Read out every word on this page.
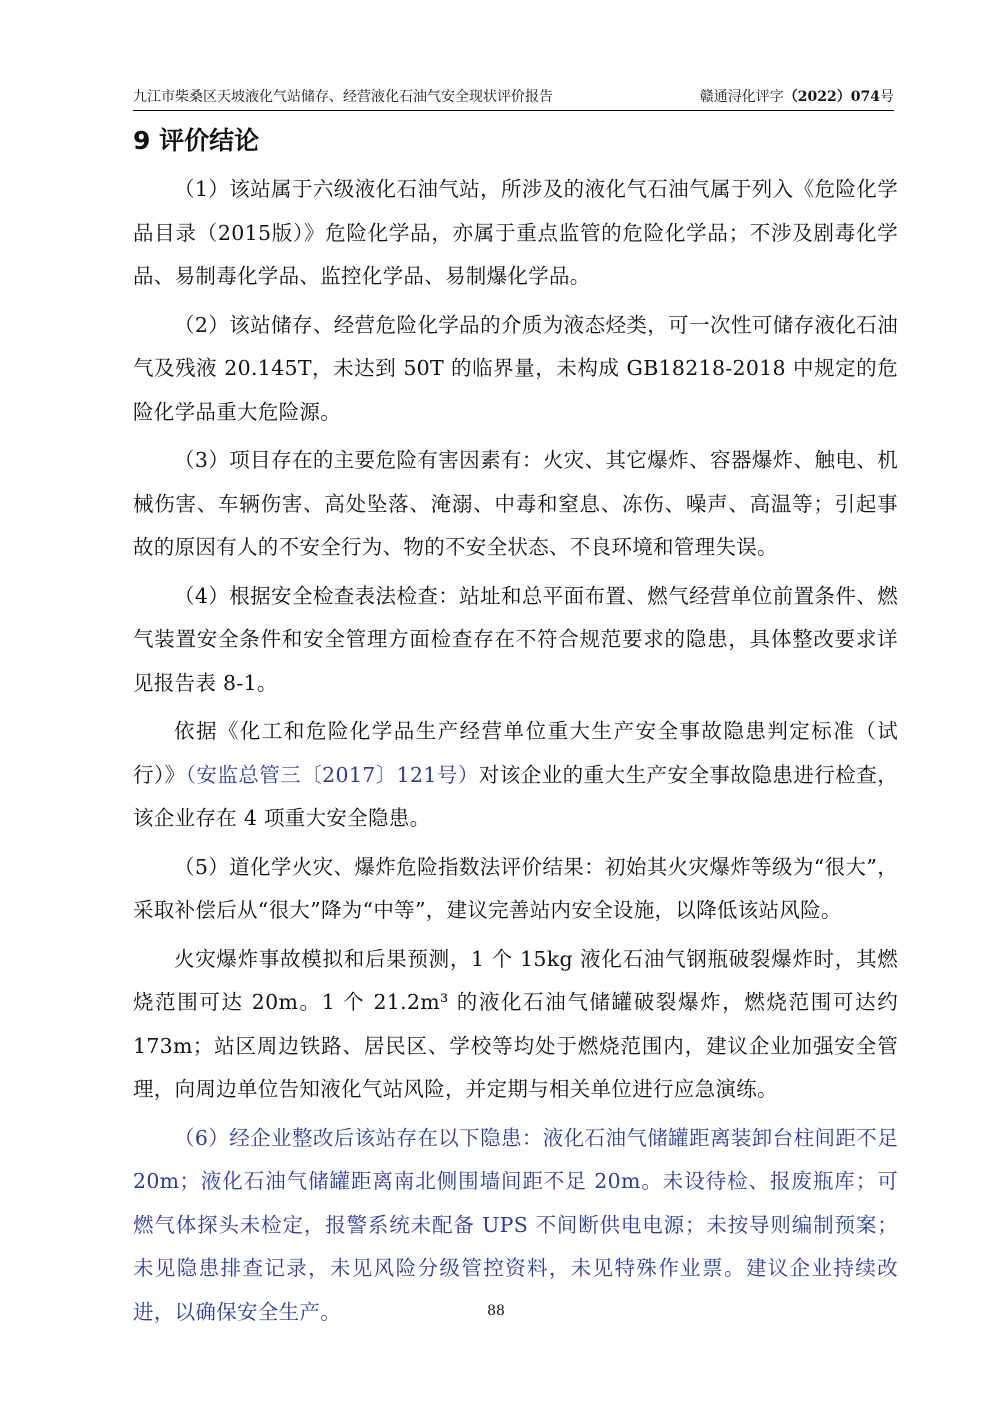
九江市柴桑区天坡液化气站储存、经营液化石油气安全现状评价报告	赣通浔化评字（2022）074号
9 评价结论

（1）该站属于六级液化石油气站，所涉及的液化气石油气属于列入《危险化学品目录（2015版）》危险化学品，亦属于重点监管的危险化学品；不涉及剧毒化学品、易制毒化学品、监控化学品、易制爆化学品。

（2）该站储存、经营危险化学品的介质为液态烃类，可一次性可储存液化石油气及残液 20.145T，未达到 50T 的临界量，未构成 GB18218-2018 中规定的危险化学品重大危险源。

（3）项目存在的主要危险有害因素有：火灾、其它爆炸、容器爆炸、触电、机械伤害、车辆伤害、高处坠落、淹溺、中毒和窒息、冻伤、噪声、高温等；引起事故的原因有人的不安全行为、物的不安全状态、不良环境和管理失误。

（4）根据安全检查表法检查：站址和总平面布置、燃气经营单位前置条件、燃气装置安全条件和安全管理方面检查存在不符合规范要求的隐患，具体整改要求详见报告表 8-1。

依据《化工和危险化学品生产经营单位重大生产安全事故隐患判定标准（试行）》（安监总管三〔2017〕121号）对该企业的重大生产安全事故隐患进行检查，该企业存在 4 项重大安全隐患。

（5）道化学火灾、爆炸危险指数法评价结果：初始其火灾爆炸等级为“很大”，采取补偿后从“很大”降为“中等”，建议完善站内安全设施，以降低该站风险。

火灾爆炸事故模拟和后果预测，1 个 15kg 液化石油气钢瓶破裂爆炸时，其燃烧范围可达 20m。1 个 21.2m³ 的液化石油气储罐破裂爆炸，燃烧范围可达约 173m；站区周边铁路、居民区、学校等均处于燃烧范围内，建议企业加强安全管理，向周边单位告知液化气站风险，并定期与相关单位进行应急演练。

（6）经企业整改后该站存在以下隐患：液化石油气储罐距离装卸台柱间距不足 20m；液化石油气储罐距离南北侧围墙间距不足 20m。未设待检、报废瓶库；可燃气体探头未检定，报警系统未配备 UPS 不间断供电电源；未按导则编制预案；未见隐患排查记录，未见风险分级管控资料，未见特殊作业票。建议企业持续改进，以确保安全生产。	88
